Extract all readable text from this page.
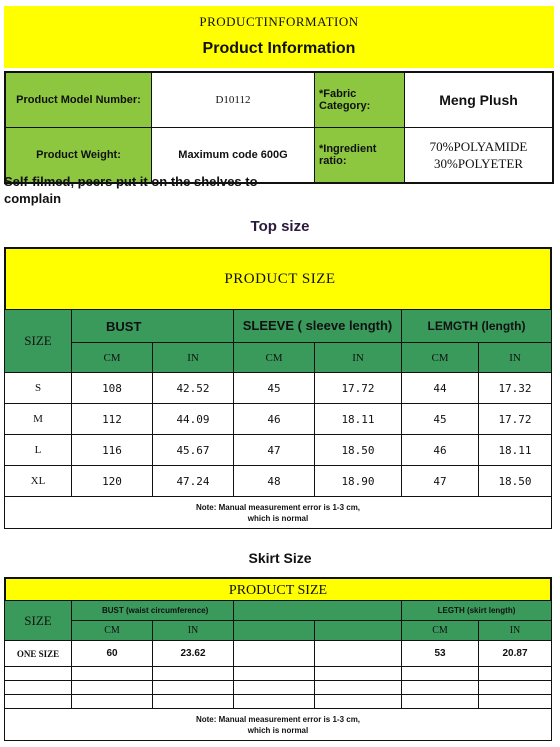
PRODUCTINFORMATION
Product Information
Product Model Number:	D10112	*Fabric Category:	Meng Plush
Product Weight:	Maximum code 600G	*Ingredient ratio:	70%POLYAMIDE
30%POLYETER
Self-filmed, peers put it on the shelves to complain
Top size
PRODUCT SIZE
SIZE	BUST		SLEEVE ( sleeve length)		LEMGTH (length)	
	CM	IN	CM	IN	CM	IN
S	108	42.52	45	17.72	44	17.32
M	112	44.09	46	18.11	45	17.72
L	116	45.67	47	18.50	46	18.11
XL	120	47.24	48	18.90	47	18.50
Note: Manual measurement error is 1-3 cm, which is normal						
Skirt Size
PRODUCT SIZE
SIZE	BUST (waist circumference)				LEGTH (skirt length)	
	CM	IN			CM	IN
ONE SIZE	60	23.62			53	20.87

Note: Manual measurement error is 1-3 cm, which is normal						
